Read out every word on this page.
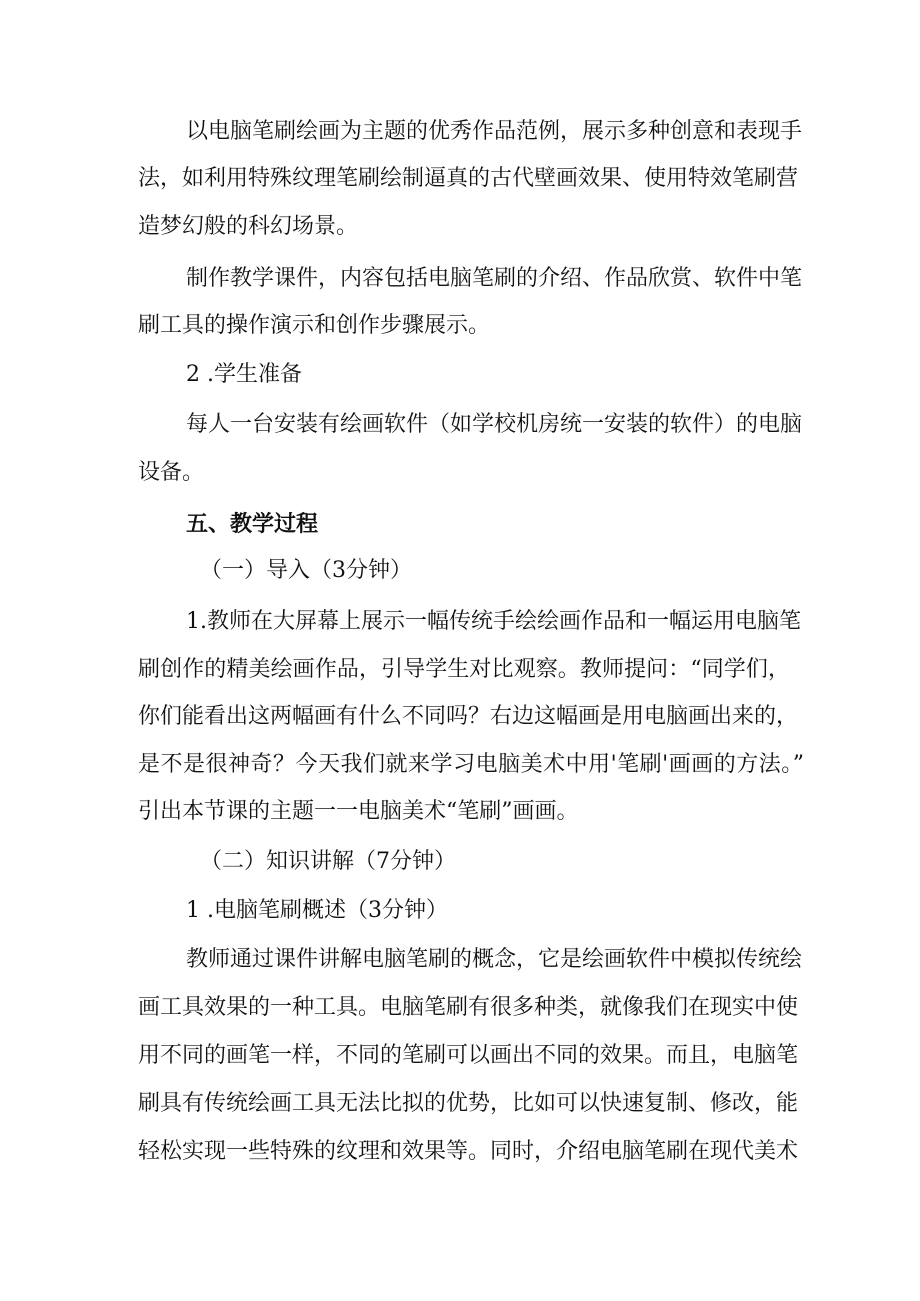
以电脑笔刷绘画为主题的优秀作品范例，展示多种创意和表现手
法，如利用特殊纹理笔刷绘制逼真的古代壁画效果、使用特效笔刷营
造梦幻般的科幻场景。
制作教学课件，内容包括电脑笔刷的介绍、作品欣赏、软件中笔
刷工具的操作演示和创作步骤展示。
2 .学生准备
每人一台安装有绘画软件（如学校机房统一安装的软件）的电脑
设备。
五、教学过程
（一）导入（3分钟）
1.教师在大屏幕上展示一幅传统手绘绘画作品和一幅运用电脑笔
刷创作的精美绘画作品，引导学生对比观察。教师提问：“同学们，
你们能看出这两幅画有什么不同吗？右边这幅画是用电脑画出来的，
是不是很神奇？今天我们就来学习电脑美术中用'笔刷'画画的方法。”
引出本节课的主题一一电脑美术“笔刷”画画。
（二）知识讲解（7分钟）
1 .电脑笔刷概述（3分钟）
教师通过课件讲解电脑笔刷的概念，它是绘画软件中模拟传统绘
画工具效果的一种工具。电脑笔刷有很多种类，就像我们在现实中使
用不同的画笔一样，不同的笔刷可以画出不同的效果。而且，电脑笔
刷具有传统绘画工具无法比拟的优势，比如可以快速复制、修改，能
轻松实现一些特殊的纹理和效果等。同时，介绍电脑笔刷在现代美术
